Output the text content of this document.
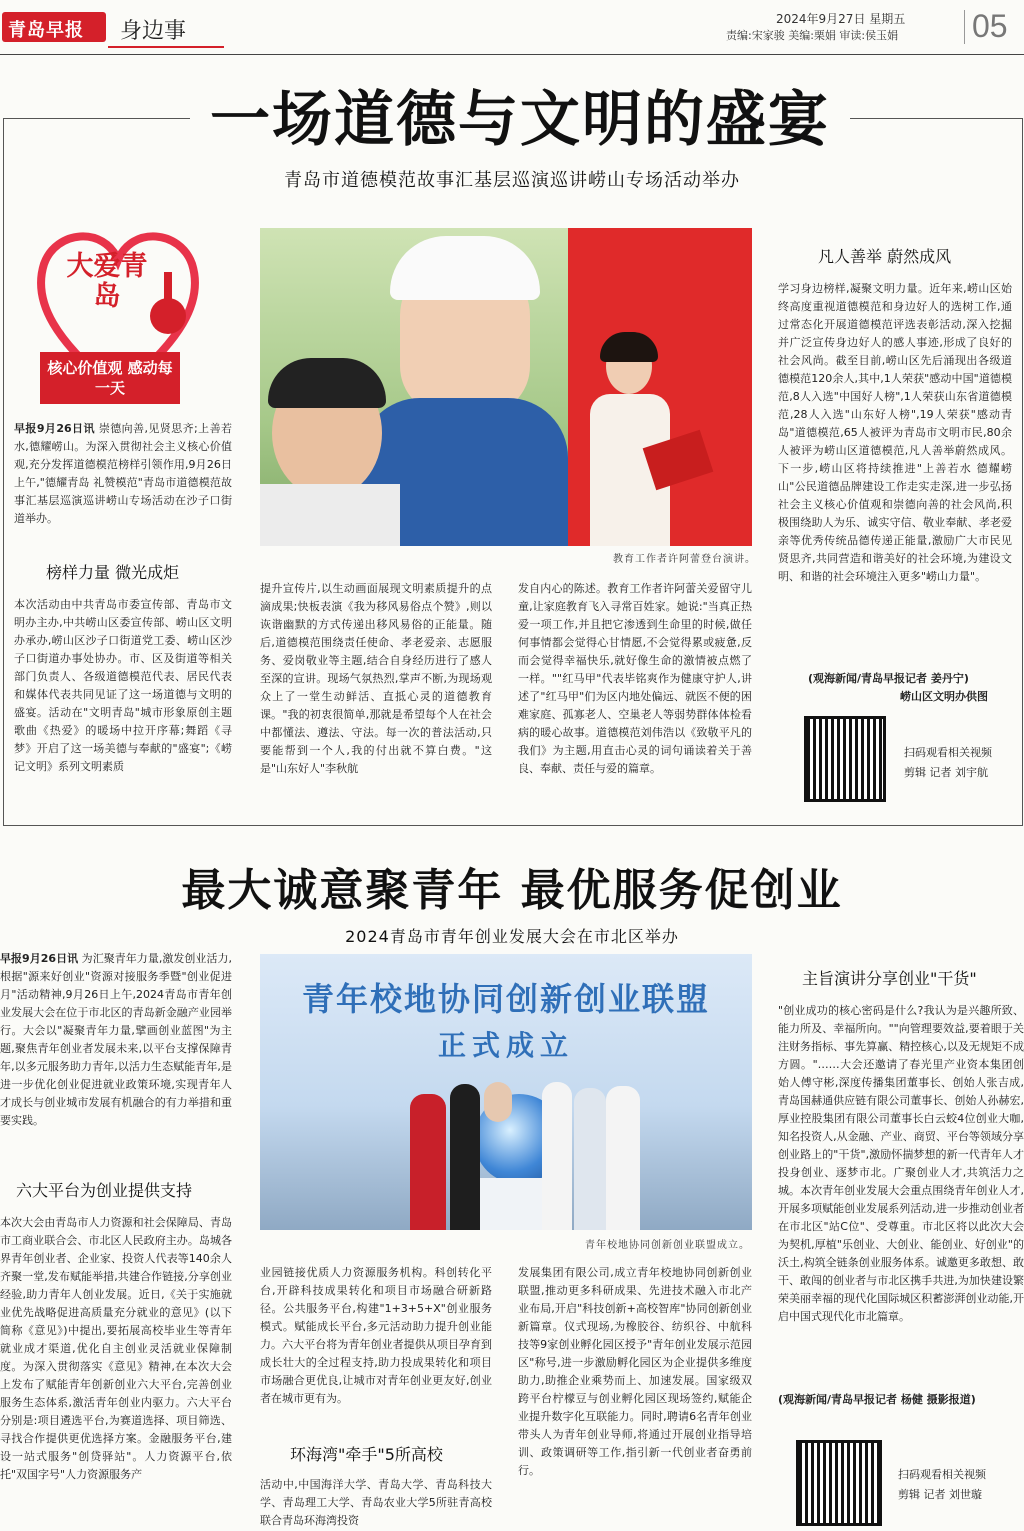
青岛早报 身边事	2024年9月27日 星期五
责编:宋家骏 美编:栗娟 审读:侯玉娟 05
一场道德与文明的盛宴
青岛市道德模范故事汇基层巡演巡讲崂山专场活动举办
大爱青岛
核心价值观 感动每一天
早报9月26日讯 崇德向善,见贤思齐;上善若水,德耀崂山。为深入贯彻社会主义核心价值观,充分发挥道德模范榜样引领作用,9月26日上午,"德耀青岛 礼赞模范"青岛市道德模范故事汇基层巡演巡讲崂山专场活动在沙子口街道举办。
榜样力量 微光成炬
本次活动由中共青岛市委宣传部、青岛市文明办主办,中共崂山区委宣传部、崂山区文明办承办,崂山区沙子口街道党工委、崂山区沙子口街道办事处协办。市、区及街道等相关部门负责人、各级道德模范代表、居民代表和媒体代表共同见证了这一场道德与文明的盛宴。活动在"文明青岛"城市形象原创主题歌曲《热爱》的暖场中拉开序幕;舞蹈《寻梦》开启了这一场美德与奉献的"盛宴";《崂记文明》系列文明素质
教育工作者许阿蕾登台演讲。
提升宣传片,以生动画面展现文明素质提升的点滴成果;快板表演《我为移风易俗点个赞》,则以诙谐幽默的方式传递出移风易俗的正能量。随后,道德模范围绕责任使命、孝老爱亲、志愿服务、爱岗敬业等主题,结合自身经历进行了感人至深的宣讲。现场气氛热烈,掌声不断,为现场观众上了一堂生动鲜活、直抵心灵的道德教育课。"我的初衷很简单,那就是希望每个人在社会中都懂法、遵法、守法。每一次的普法活动,只要能帮到一个人,我的付出就不算白费。"这是"山东好人"李秋航
发自内心的陈述。教育工作者许阿蕾关爱留守儿童,让家庭教育飞入寻常百姓家。她说:"当真正热爱一项工作,并且把它渗透到生命里的时候,做任何事情都会觉得心甘情愿,不会觉得累或疲惫,反而会觉得幸福快乐,就好像生命的激情被点燃了一样。""红马甲"代表毕铭爽作为健康守护人,讲述了"红马甲"们为区内地处偏远、就医不便的困难家庭、孤寡老人、空巢老人等弱势群体体检看病的暖心故事。道德模范刘伟浩以《致敬平凡的我们》为主题,用直击心灵的词句诵读着关于善良、奉献、责任与爱的篇章。
凡人善举 蔚然成风
学习身边榜样,凝聚文明力量。近年来,崂山区始终高度重视道德模范和身边好人的选树工作,通过常态化开展道德模范评选表彰活动,深入挖掘并广泛宣传身边好人的感人事迹,形成了良好的社会风尚。截至目前,崂山区先后涌现出各级道德模范120余人,其中,1人荣获"感动中国"道德模范,8人入选"中国好人榜",1人荣获山东省道德模范,28人入选"山东好人榜",19人荣获"感动青岛"道德模范,65人被评为青岛市文明市民,80余人被评为崂山区道德模范,凡人善举蔚然成风。下一步,崂山区将持续推进"上善若水 德耀崂山"公民道德品牌建设工作走实走深,进一步弘扬社会主义核心价值观和崇德向善的社会风尚,积极围绕助人为乐、诚实守信、敬业奉献、孝老爱亲等优秀传统品德传递正能量,激励广大市民见贤思齐,共同营造和谐美好的社会环境,为建设文明、和谐的社会环境注入更多"崂山力量"。
(观海新闻/青岛早报记者 姜丹宁)
崂山区文明办供图
扫码观看相关视频
剪辑 记者 刘宇航
最大诚意聚青年 最优服务促创业
2024青岛市青年创业发展大会在市北区举办
早报9月26日讯 为汇聚青年力量,激发创业活力,根据"源来好创业"资源对接服务季暨"创业促进月"活动精神,9月26日上午,2024青岛市青年创业发展大会在位于市北区的青岛新金融产业园举行。大会以"凝聚青年力量,擘画创业蓝图"为主题,聚焦青年创业者发展未来,以平台支撑保障青年,以多元服务助力青年,以活力生态赋能青年,是进一步优化创业促进就业政策环境,实现青年人才成长与创业城市发展有机融合的有力举措和重要实践。
六大平台为创业提供支持
本次大会由青岛市人力资源和社会保障局、青岛市工商业联合会、市北区人民政府主办。岛城各界青年创业者、企业家、投资人代表等140余人齐聚一堂,发布赋能举措,共建合作链接,分享创业经验,助力青年人创业发展。近日,《关于实施就业优先战略促进高质量充分就业的意见》(以下简称《意见》)中提出,要拓展高校毕业生等青年就业成才渠道,优化自主创业灵活就业保障制度。为深入贯彻落实《意见》精神,在本次大会上发布了赋能青年创新创业六大平台,完善创业服务生态体系,激活青年创业内驱力。六大平台分别是:项目遴选平台,为赛道选择、项目筛选、寻找合作提供更优选择方案。金融服务平台,建设一站式服务"创贷驿站"。人力资源平台,依托"双国字号"人力资源服务产
青年校地协同创新创业联盟
正式成立
青年校地协同创新创业联盟成立。
业园链接优质人力资源服务机构。科创转化平台,开辟科技成果转化和项目市场融合研新路径。公共服务平台,构建"1+3+5+X"创业服务模式。赋能成长平台,多元活动助力提升创业能力。六大平台将为青年创业者提供从项目孕育到成长壮大的全过程支持,助力投成果转化和项目市场融合更优良,让城市对青年创业更友好,创业者在城市更有为。
环海湾"牵手"5所高校
活动中,中国海洋大学、青岛大学、青岛科技大学、青岛理工大学、青岛农业大学5所驻青高校联合青岛环海湾投资
发展集团有限公司,成立青年校地协同创新创业联盟,推动更多科研成果、先进技术融入市北产业布局,开启"科技创新+高校智库"协同创新创业新篇章。仪式现场,为橡胶谷、纺织谷、中航科技等9家创业孵化园区授予"青年创业发展示范园区"称号,进一步激励孵化园区为企业提供多维度助力,助推企业乘势而上、加速发展。国家级双跨平台柠檬豆与创业孵化园区现场签约,赋能企业提升数字化互联能力。同时,聘请6名青年创业带头人为青年创业导师,将通过开展创业指导培训、政策调研等工作,指引新一代创业者奋勇前行。
主旨演讲分享创业"干货"
"创业成功的核心密码是什么?我认为是兴趣所致、能力所及、幸福所向。""向管理要效益,要着眼于关注财务指标、事先算赢、精控核心,以及无规矩不成方圆。"……大会还邀请了春光里产业资本集团创始人傅守彬,深度传播集团董事长、创始人张吉成,青岛国赫通供应链有限公司董事长、创始人孙赫宏,厚业控股集团有限公司董事长白云蛟4位创业大咖,知名投资人,从金融、产业、商贸、平台等领域分享创业路上的"干货",激励怀揣梦想的新一代青年人才投身创业、逐梦市北。广聚创业人才,共筑活力之城。本次青年创业发展大会重点围绕青年创业人才,开展多项赋能创业发展系列活动,进一步推动创业者在市北区"站C位"、受尊重。市北区将以此次大会为契机,厚植"乐创业、大创业、能创业、好创业"的沃土,构筑全链条创业服务体系。诚邀更多敢想、敢干、敢闯的创业者与市北区携手共进,为加快建设繁荣美丽幸福的现代化国际城区积蓄澎湃创业动能,开启中国式现代化市北篇章。
(观海新闻/青岛早报记者 杨健 摄影报道)
扫码观看相关视频
剪辑 记者 刘世璇
